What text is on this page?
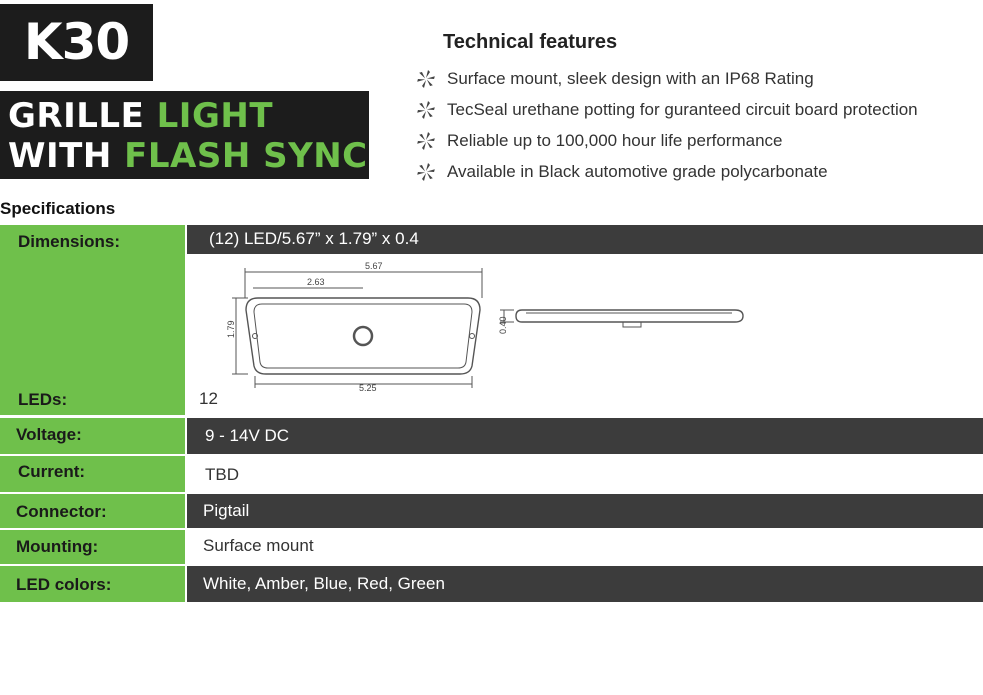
K30
GRILLE LIGHT
WITH FLASH SYNC
Technical features
Surface mount, sleek design with an IP68 Rating
TecSeal urethane potting for guranteed circuit board protection
Reliable up to 100,000 hour life performance
Available in Black automotive grade polycarbonate
Specifications
Dimensions:
LEDs:
Voltage:
Current:
Connector:
Mounting:
LED colors:
(12) LED/5.67” x 1.79” x 0.4
12
9 - 14V DC
TBD
Pigtail
Surface mount
White, Amber, Blue, Red, Green
5.67
2.63
5.25
1.79	0.40
